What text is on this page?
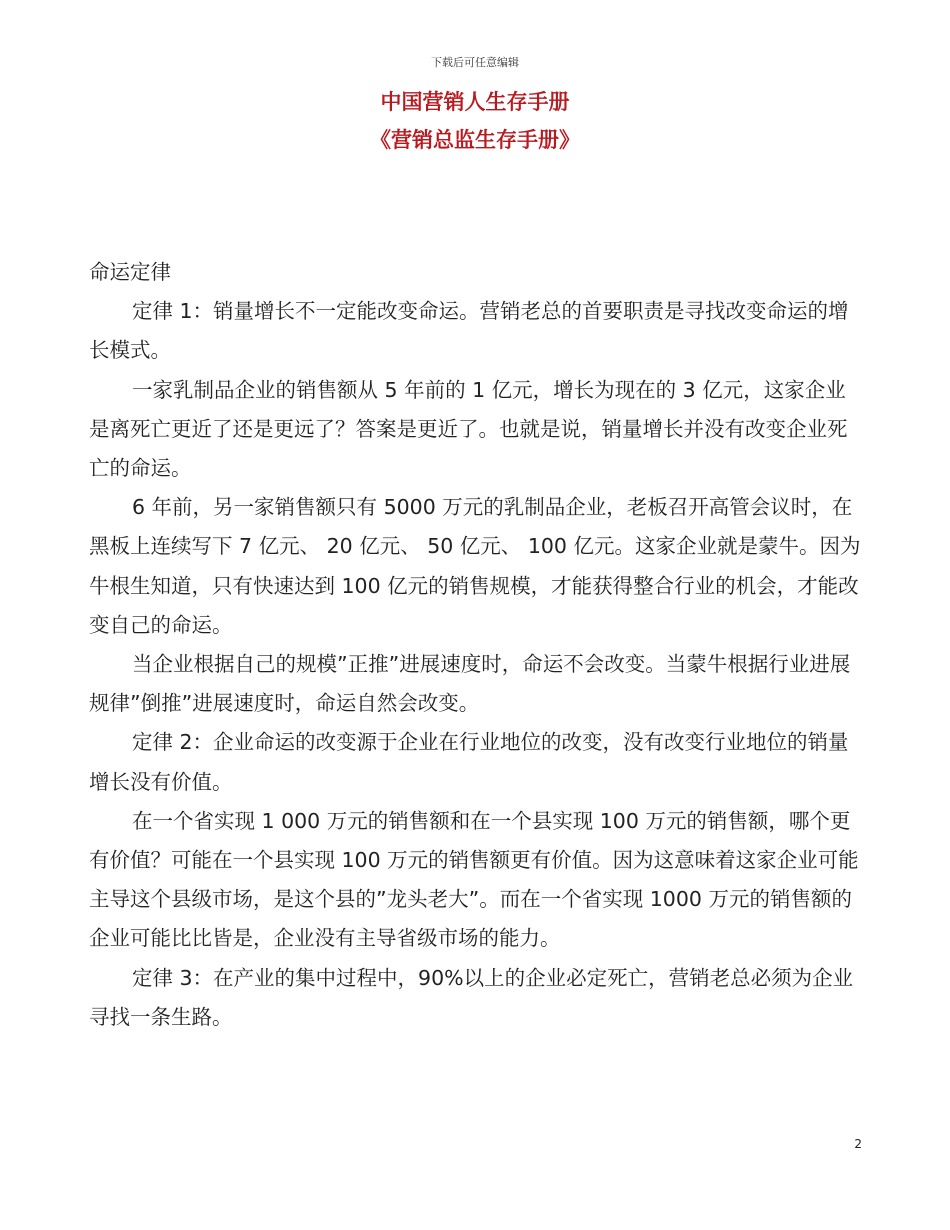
下载后可任意编辑
中国营销人生存手册
《营销总监生存手册》

命运定律

定律 1：销量增长不一定能改变命运。营销老总的首要职责是寻找改变命运的增长模式。

一家乳制品企业的销售额从 5 年前的 1 亿元，增长为现在的 3 亿元，这家企业是离死亡更近了还是更远了？答案是更近了。也就是说，销量增长并没有改变企业死亡的命运。

6 年前，另一家销售额只有 5000 万元的乳制品企业，老板召开高管会议时，在黑板上连续写下 7 亿元、 20 亿元、 50 亿元、 100 亿元。这家企业就是蒙牛。因为牛根生知道，只有快速达到 100 亿元的销售规模，才能获得整合行业的机会，才能改变自己的命运。

当企业根据自己的规模”正推”进展速度时，命运不会改变。当蒙牛根据行业进展规律”倒推”进展速度时，命运自然会改变。

定律 2：企业命运的改变源于企业在行业地位的改变，没有改变行业地位的销量增长没有价值。

在一个省实现 1 000 万元的销售额和在一个县实现 100 万元的销售额，哪个更有价值？可能在一个县实现 100 万元的销售额更有价值。因为这意味着这家企业可能主导这个县级市场，是这个县的”龙头老大”。而在一个省实现 1000 万元的销售额的企业可能比比皆是，企业没有主导省级市场的能力。

定律 3：在产业的集中过程中，90%以上的企业必定死亡，营销老总必须为企业寻找一条生路。

2
